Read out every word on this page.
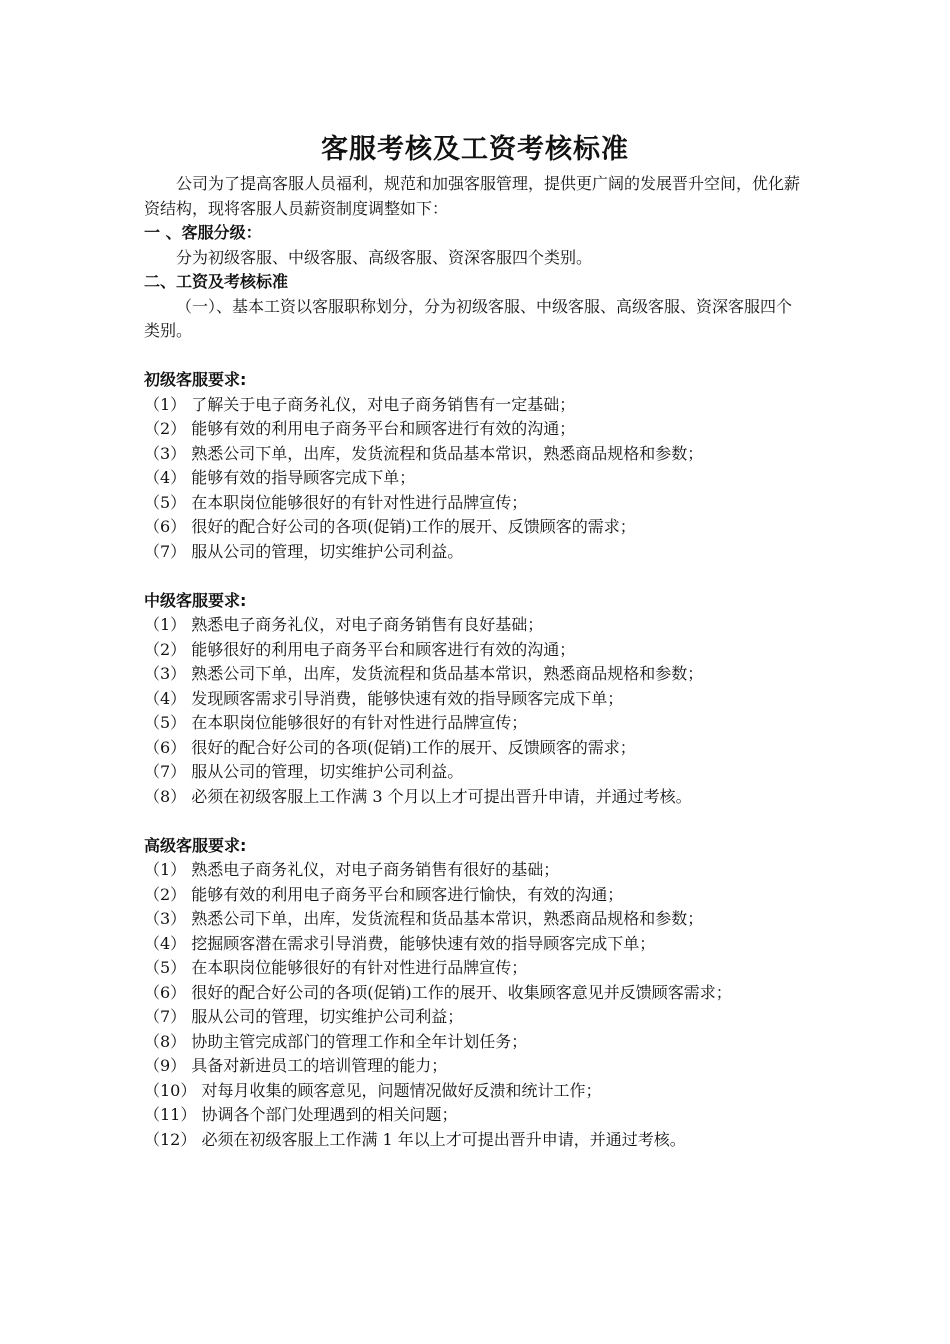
客服考核及工资考核标准

公司为了提高客服人员福利，规范和加强客服管理，提供更广阔的发展晋升空间，优化薪资结构，现将客服人员薪资制度调整如下：

一 、客服分级：

分为初级客服、中级客服、高级客服、资深客服四个类别。

二、工资及考核标准

（一）、基本工资以客服职称划分，分为初级客服、中级客服、高级客服、资深客服四个类别。

初级客服要求:

（1） 了解关于电子商务礼仪，对电子商务销售有一定基础；

（2） 能够有效的利用电子商务平台和顾客进行有效的沟通；

（3） 熟悉公司下单，出库，发货流程和货品基本常识，熟悉商品规格和参数；

（4） 能够有效的指导顾客完成下单；

（5） 在本职岗位能够很好的有针对性进行品牌宣传；

（6） 很好的配合好公司的各项(促销)工作的展开、反馈顾客的需求；

（7） 服从公司的管理，切实维护公司利益。

中级客服要求:

（1） 熟悉电子商务礼仪，对电子商务销售有良好基础；

（2） 能够很好的利用电子商务平台和顾客进行有效的沟通；

（3） 熟悉公司下单，出库，发货流程和货品基本常识，熟悉商品规格和参数；

（4） 发现顾客需求引导消费，能够快速有效的指导顾客完成下单；

（5） 在本职岗位能够很好的有针对性进行品牌宣传；

（6） 很好的配合好公司的各项(促销)工作的展开、反馈顾客的需求；

（7） 服从公司的管理，切实维护公司利益。

（8） 必须在初级客服上工作满 3 个月以上才可提出晋升申请，并通过考核。

高级客服要求:

（1） 熟悉电子商务礼仪，对电子商务销售有很好的基础；

（2） 能够有效的利用电子商务平台和顾客进行愉快，有效的沟通；

（3） 熟悉公司下单，出库，发货流程和货品基本常识，熟悉商品规格和参数；

（4） 挖掘顾客潜在需求引导消费，能够快速有效的指导顾客完成下单；

（5） 在本职岗位能够很好的有针对性进行品牌宣传；

（6） 很好的配合好公司的各项(促销)工作的展开、收集顾客意见并反馈顾客需求；

（7） 服从公司的管理，切实维护公司利益；

（8） 协助主管完成部门的管理工作和全年计划任务；

（9） 具备对新进员工的培训管理的能力；

（10） 对每月收集的顾客意见，问题情况做好反溃和统计工作；

（11） 协调各个部门处理遇到的相关问题；

（12） 必须在初级客服上工作满 1 年以上才可提出晋升申请，并通过考核。
